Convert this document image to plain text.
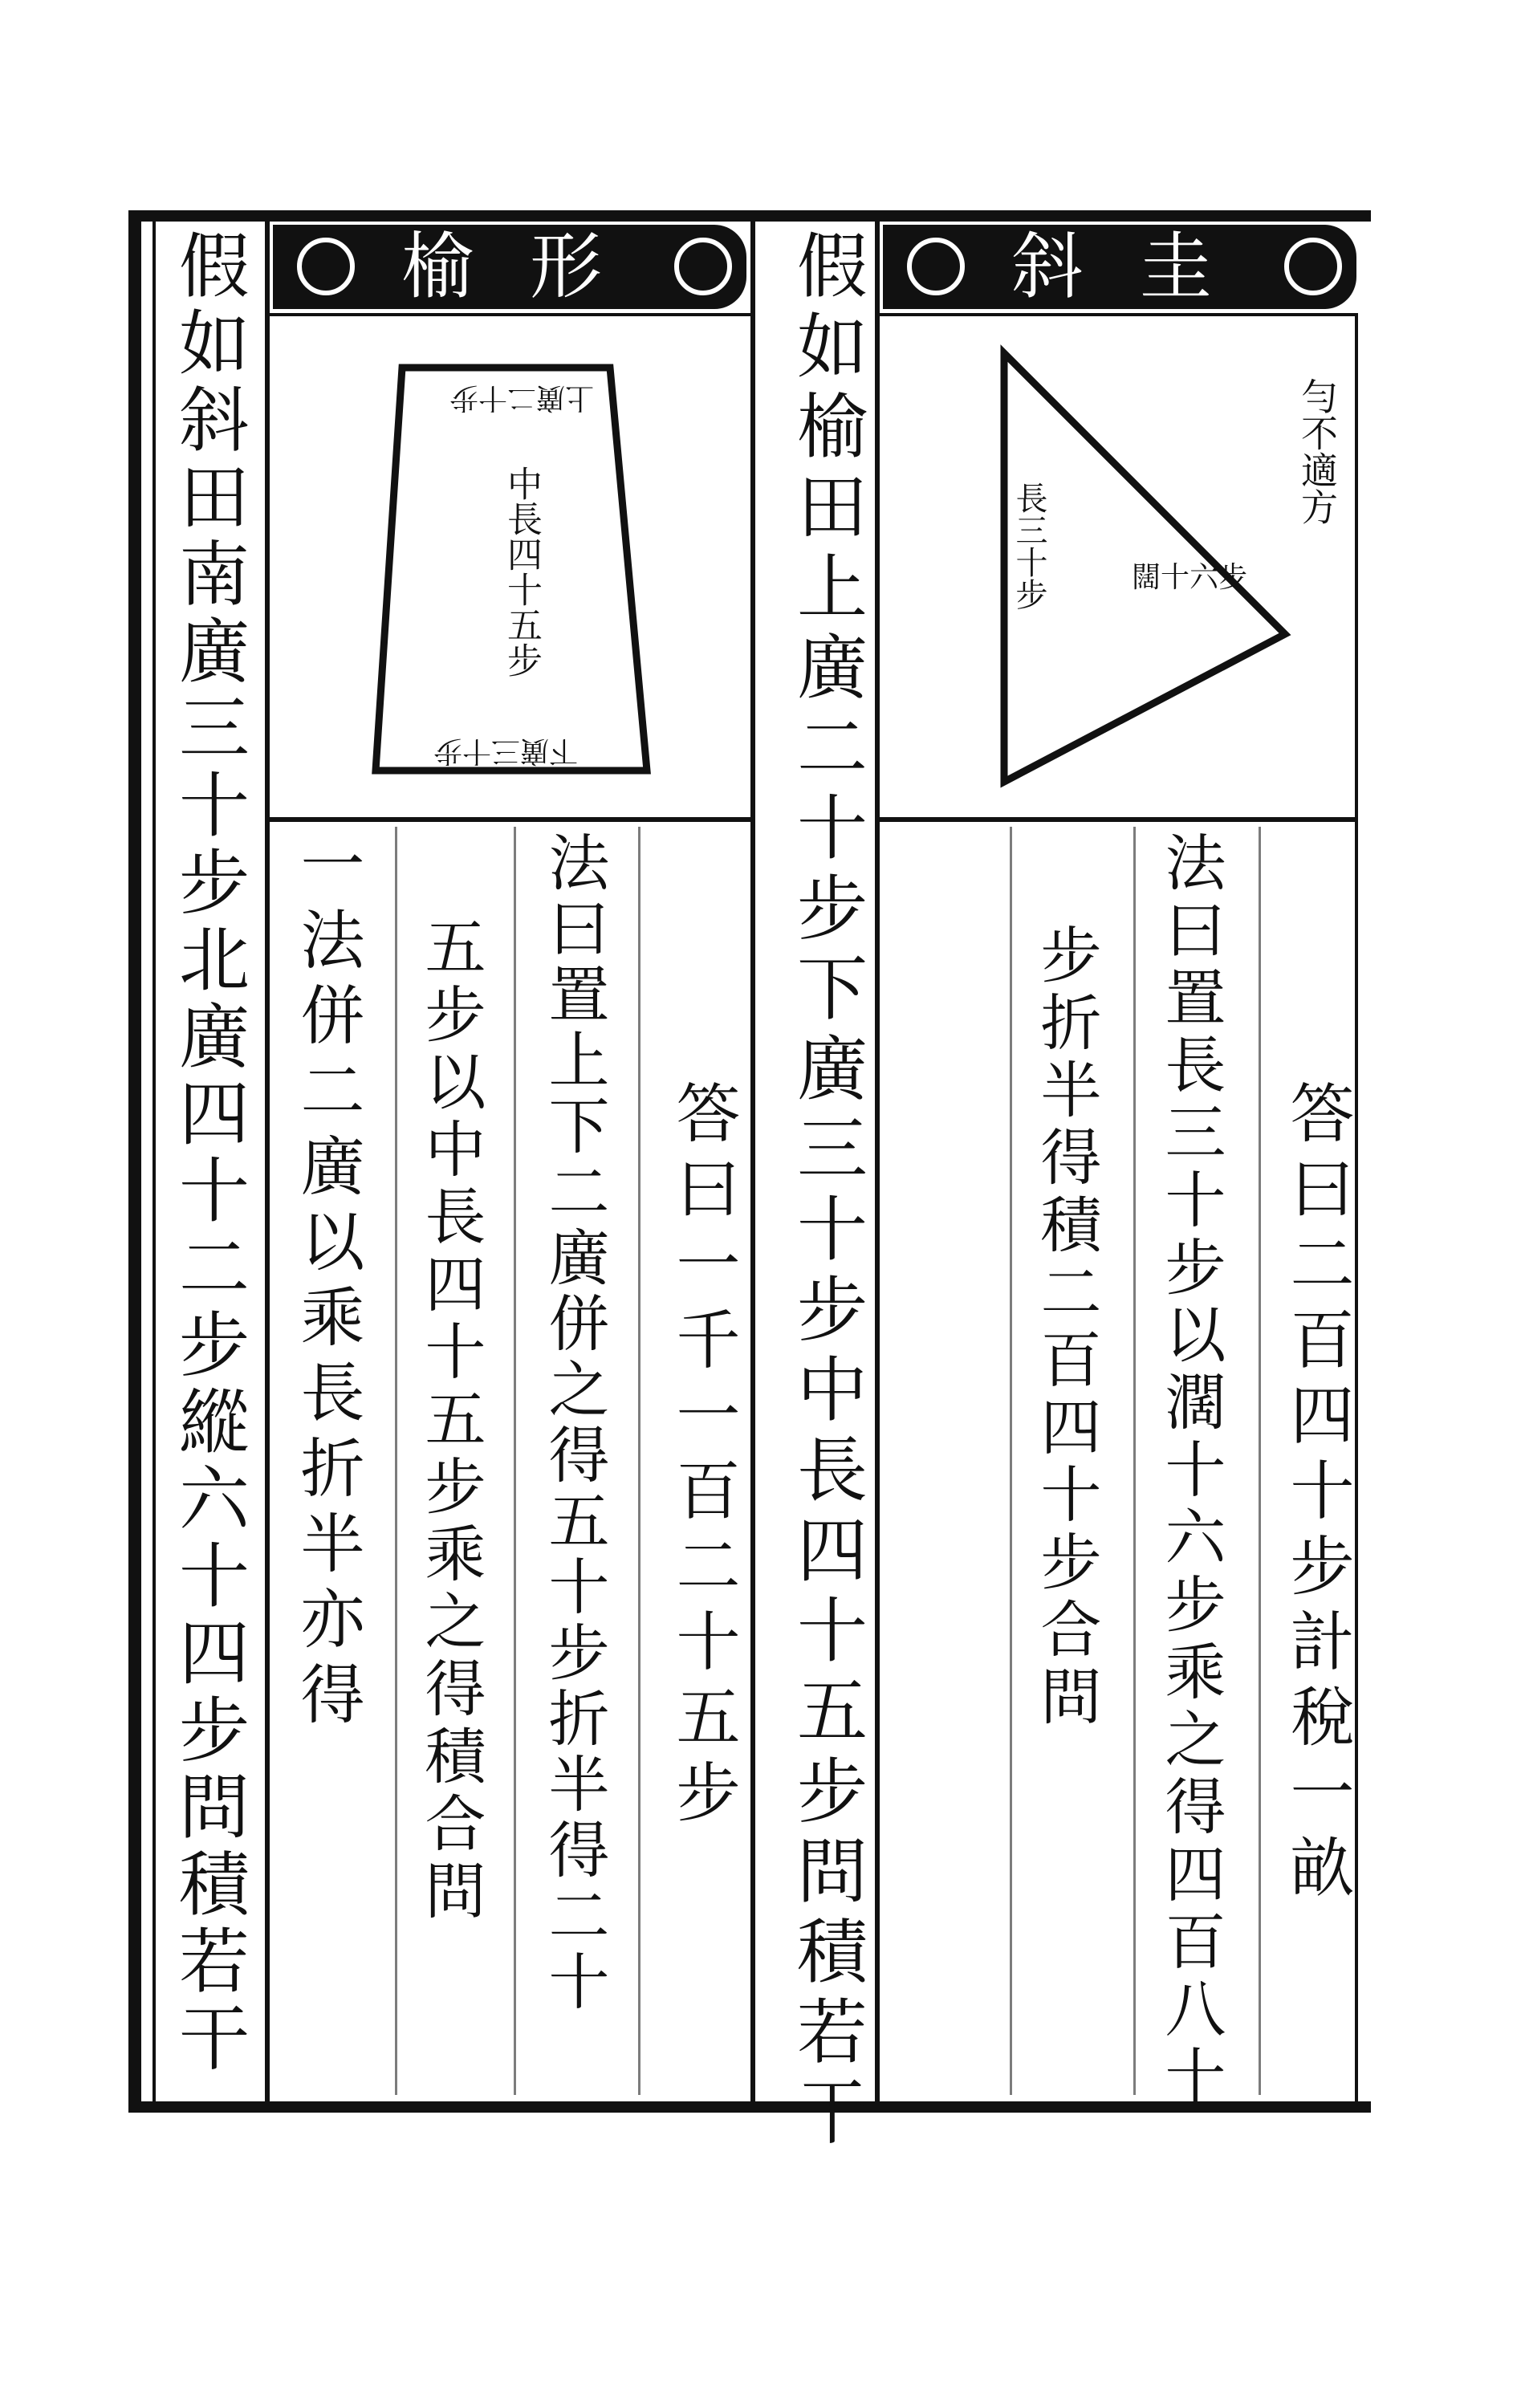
斜圭
榆形
勻不適方
長三十步	闊十六步
上廣二十步
中長四十五步
下廣三十步	假如榆田上廣二十步下廣三十步中長四十五步問積若干	答曰二百四十步計稅一畝
法曰置長三十步以濶十六步乘之得四百八十
步折半得積二百四十步合問
假如斜田南廣三十步北廣四十二步縱六十四步問積若干	答曰一千一百二十五步
法曰置上下二廣併之得五十步折半得二十
五步以中長四十五步乘之得積合問
一法併二廣以乘長折半亦得
